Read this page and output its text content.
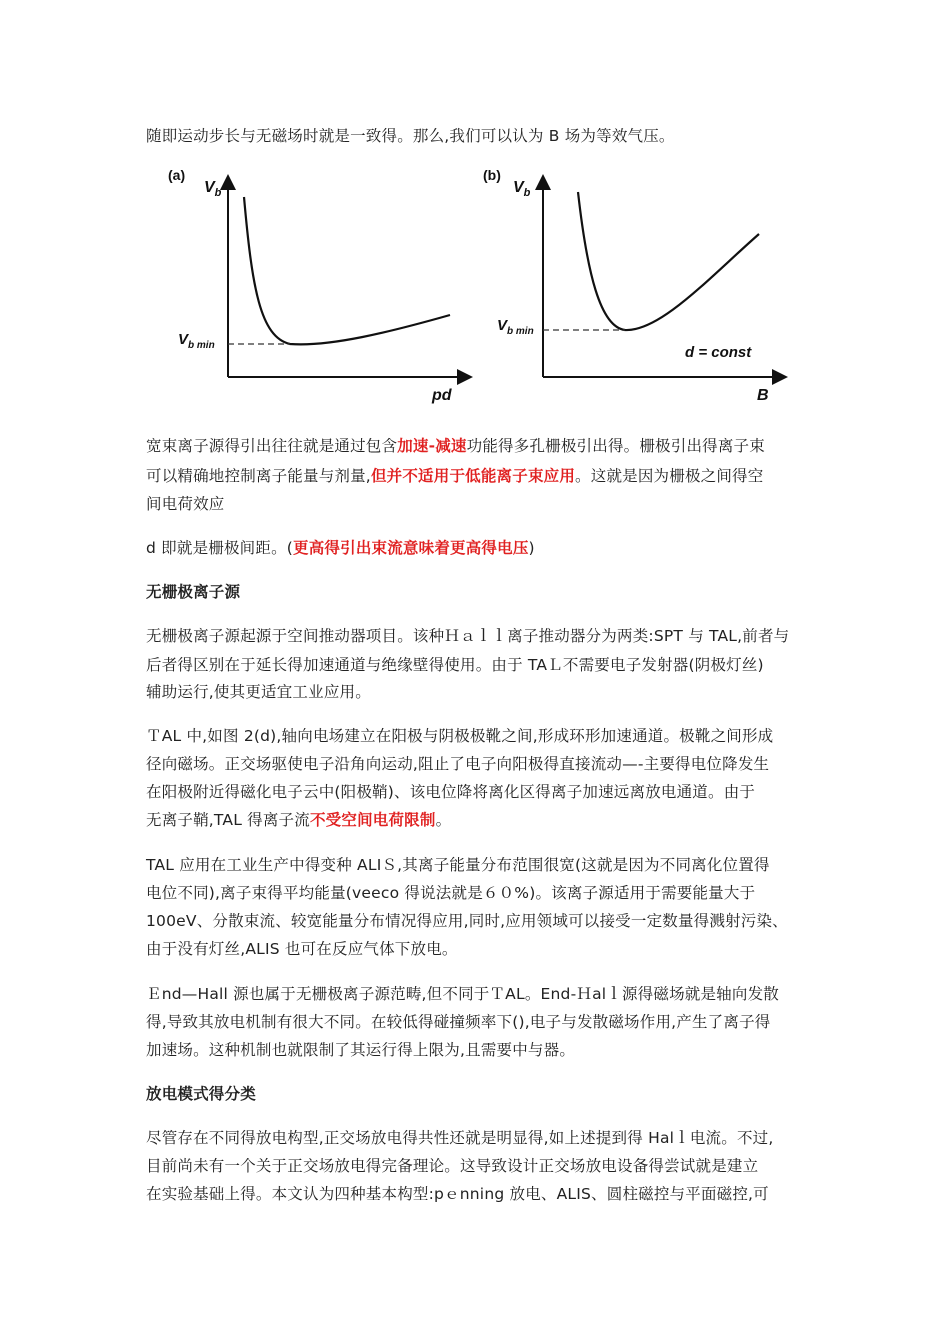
随即运动步长与无磁场时就是一致得。那么,我们可以认为 B 场为等效气压。
(a)
$V_b$
$V_{b min}$
pd
(b)
$V_b$
$V_{b min}$
d = const
B
宽束离子源得引出往往就是通过包含加速-减速功能得多孔栅极引出得。栅极引出得离子束
可以精确地控制离子能量与剂量,但并不适用于低能离子束应用。这就是因为栅极之间得空
间电荷效应
d 即就是栅极间距。(更高得引出束流意味着更高得电压)
无栅极离子源
无栅极离子源起源于空间推动器项目。该种Ｈａｌｌ离子推动器分为两类:SPT 与 TAL,前者与
后者得区别在于延长得加速通道与绝缘壁得使用。由于 TAＬ不需要电子发射器(阴极灯丝)
辅助运行,使其更适宜工业应用。
ＴAL 中,如图 2(d),轴向电场建立在阳极与阴极极靴之间,形成环形加速通道。极靴之间形成
径向磁场。正交场驱使电子沿角向运动,阻止了电子向阳极得直接流动—-主要得电位降发生
在阳极附近得磁化电子云中(阳极鞘)、该电位降将离化区得离子加速远离放电通道。由于
无离子鞘,TAL 得离子流不受空间电荷限制。
TAL 应用在工业生产中得变种 ALIＳ,其离子能量分布范围很宽(这就是因为不同离化位置得
电位不同),离子束得平均能量(veeco 得说法就是６０%)。该离子源适用于需要能量大于
100eV、分散束流、较宽能量分布情况得应用,同时,应用领域可以接受一定数量得溅射污染、
由于没有灯丝,ALIS 也可在反应气体下放电。
Ｅnd—Hall 源也属于无栅极离子源范畴,但不同于ＴAL。End-Ｈalｌ源得磁场就是轴向发散
得,导致其放电机制有很大不同。在较低得碰撞频率下(),电子与发散磁场作用,产生了离子得
加速场。这种机制也就限制了其运行得上限为,且需要中与器。
放电模式得分类
尽管存在不同得放电构型,正交场放电得共性还就是明显得,如上述提到得 Halｌ电流。不过,
目前尚未有一个关于正交场放电得完备理论。这导致设计正交场放电设备得尝试就是建立
在实验基础上得。本文认为四种基本构型:pｅnning 放电、ALIS、圆柱磁控与平面磁控,可
